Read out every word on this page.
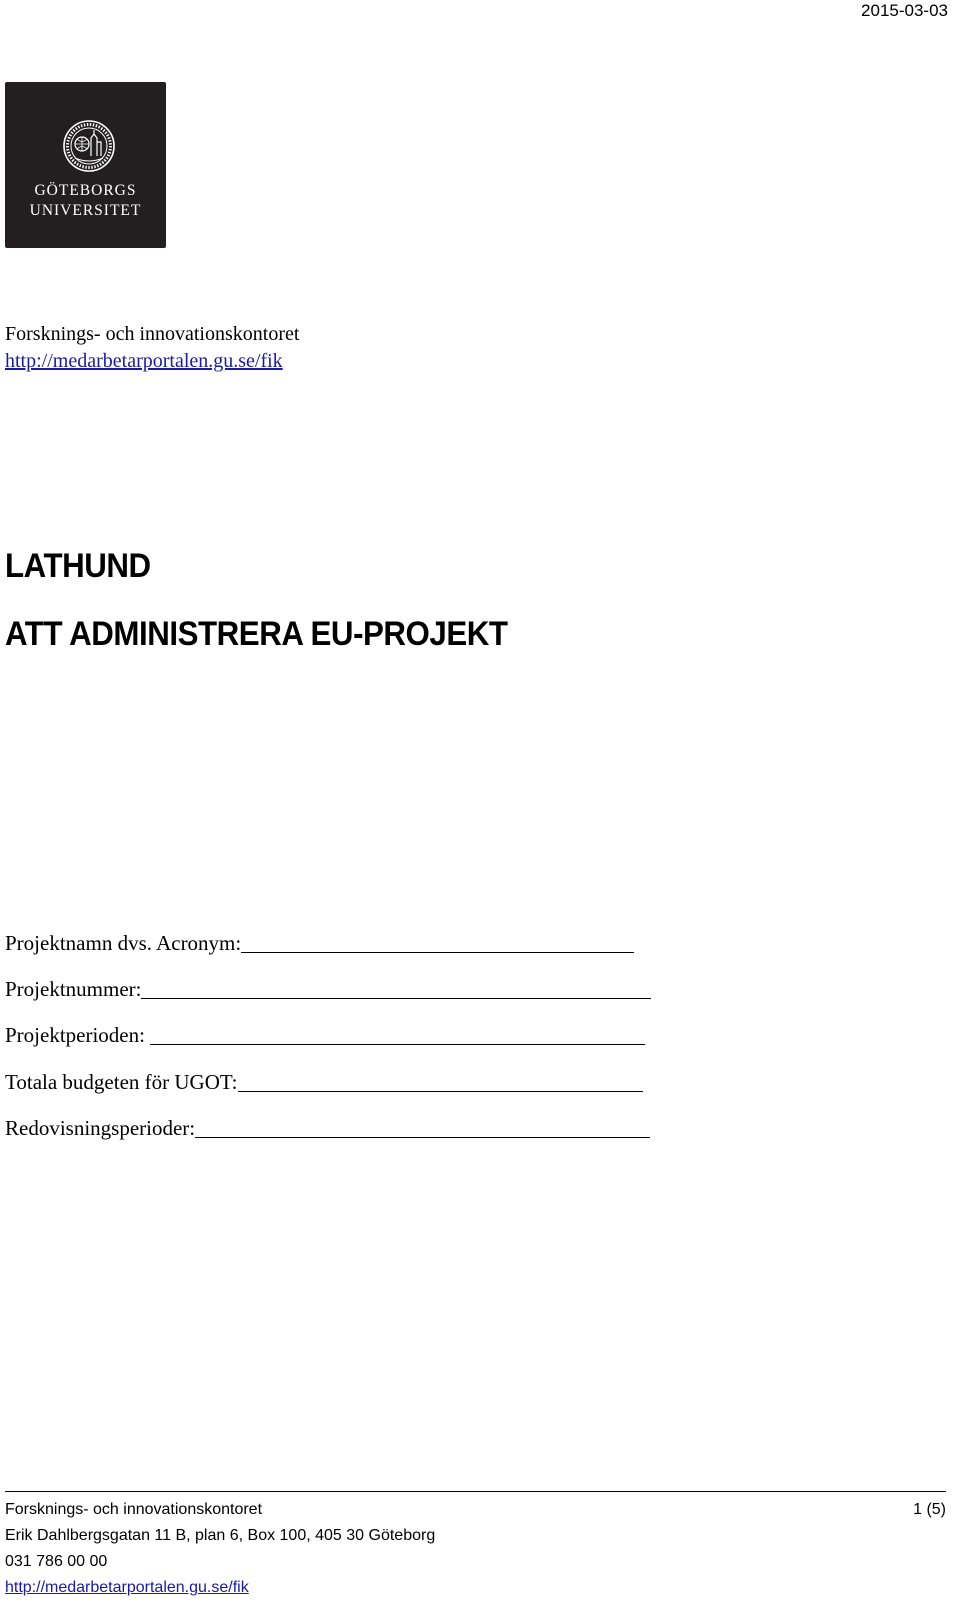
2015-03-03
GÖTEBORGS
UNIVERSITET
Forsknings- och innovationskontoret
http://medarbetarportalen.gu.se/fik
LATHUND
ATT ADMINISTRERA EU-PROJEKT
Projektnamn dvs. Acronym:
Projektnummer:
Projektperioden:
Totala budgeten för UGOT:
Redovisningsperioder:
Forsknings- och innovationskontoret	1 (5)
Erik Dahlbergsgatan 11 B, plan 6, Box 100, 405 30 Göteborg
031 786 00 00
http://medarbetarportalen.gu.se/fik
